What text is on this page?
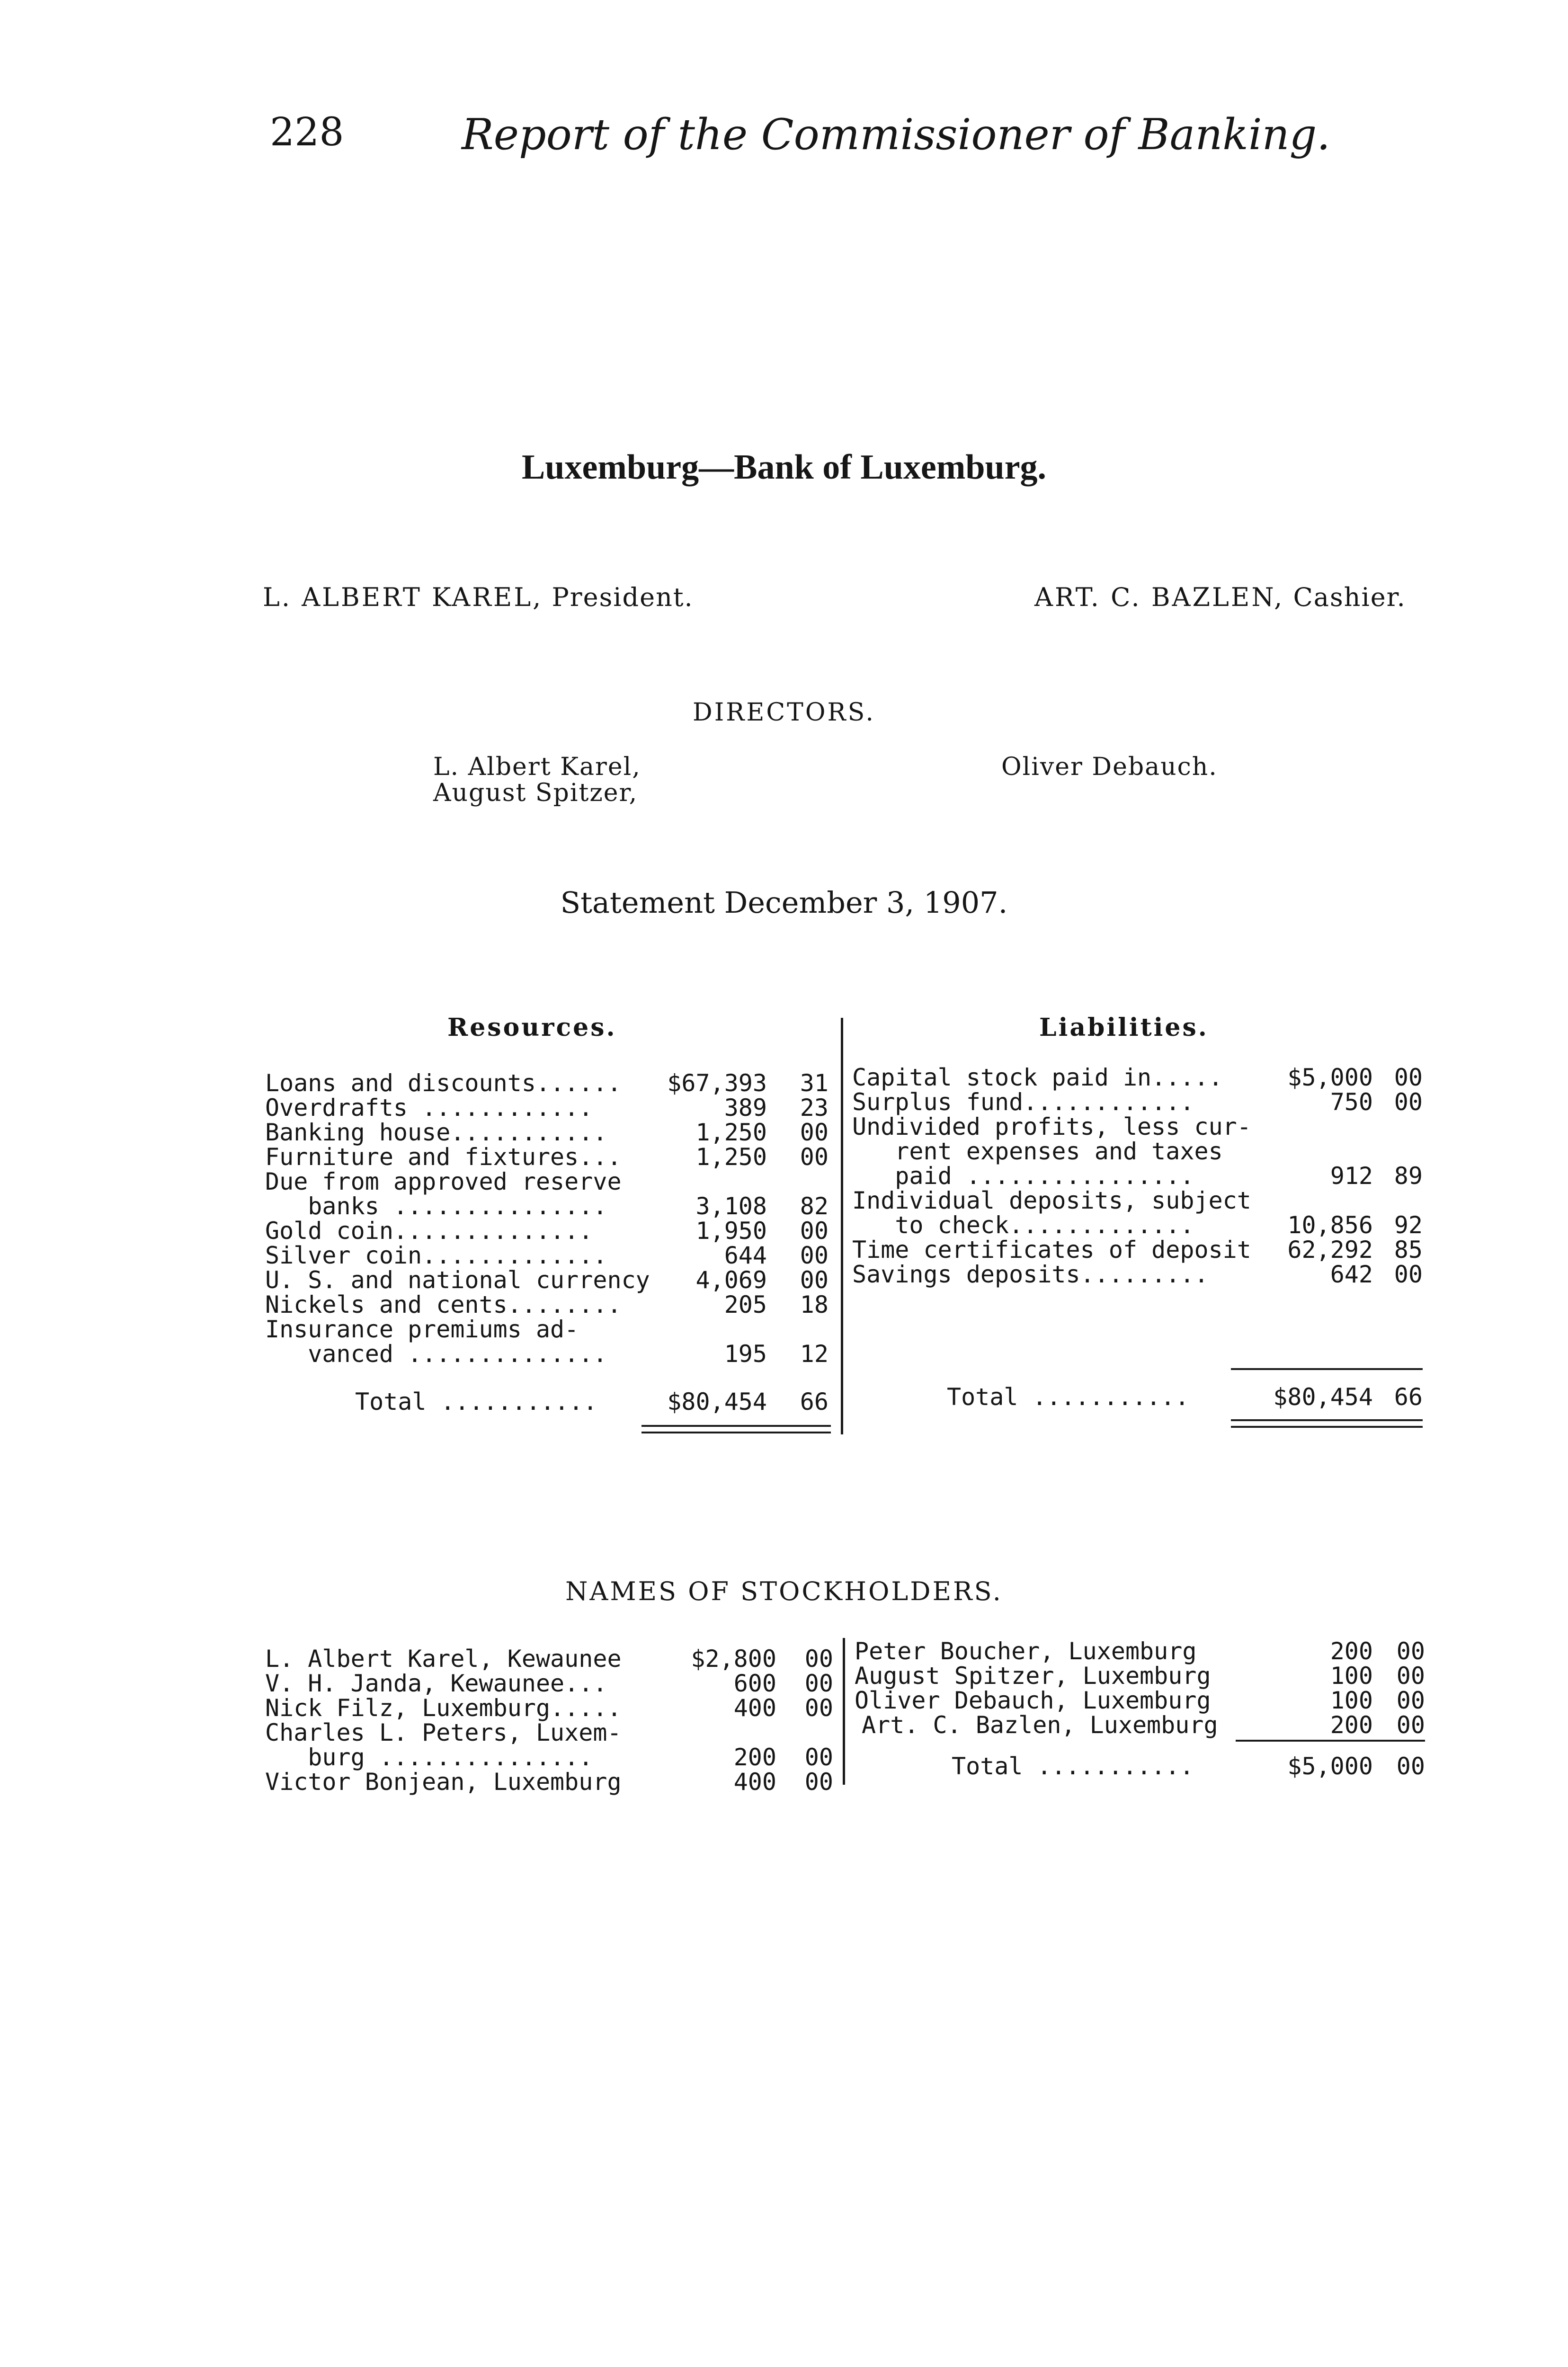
228	Report of the Commissioner of Banking.
Luxemburg—Bank of Luxemburg.
L. ALBERT KAREL, President.	ART. C. BAZLEN, Cashier.
DIRECTORS.
L. Albert Karel,
August Spitzer,
Oliver Debauch.
Statement December 3, 1907.
Resources.	Liabilities.
Loans and discounts......	$67,393	31
Overdrafts ............	389	23
Banking house...........	1,250	00
Furniture and fixtures...	1,250	00
Due from approved reserve
banks ...............	3,108	82
Gold coin..............	1,950	00
Silver coin.............	644	00
U. S. and national currency	4,069	00
Nickels and cents........	205	18
Insurance premiums ad-
vanced ..............	195	12
Total ...........	$80,454	66
Capital stock paid in.....	$5,000 00
Surplus fund............	750 00
Undivided profits, less cur-
rent expenses and taxes
paid ................	912 89
Individual deposits, subject
to check.............	10,856 92
Time certificates of deposit	62,292 85
Savings deposits.........	642 00
Total ...........	$80,454 66
NAMES OF STOCKHOLDERS.
L. Albert Karel, Kewaunee	$2,800	00
V. H. Janda, Kewaunee...	600	00
Nick Filz, Luxemburg.....	400	00
Charles L. Peters, Luxem-
burg ...............	200	00
Victor Bonjean, Luxemburg	400	00
Peter Boucher, Luxemburg	200 00
August Spitzer, Luxemburg	100 00
Oliver Debauch, Luxemburg	100 00
Art. C. Bazlen, Luxemburg	200 00
Total ...........	$5,000 00
